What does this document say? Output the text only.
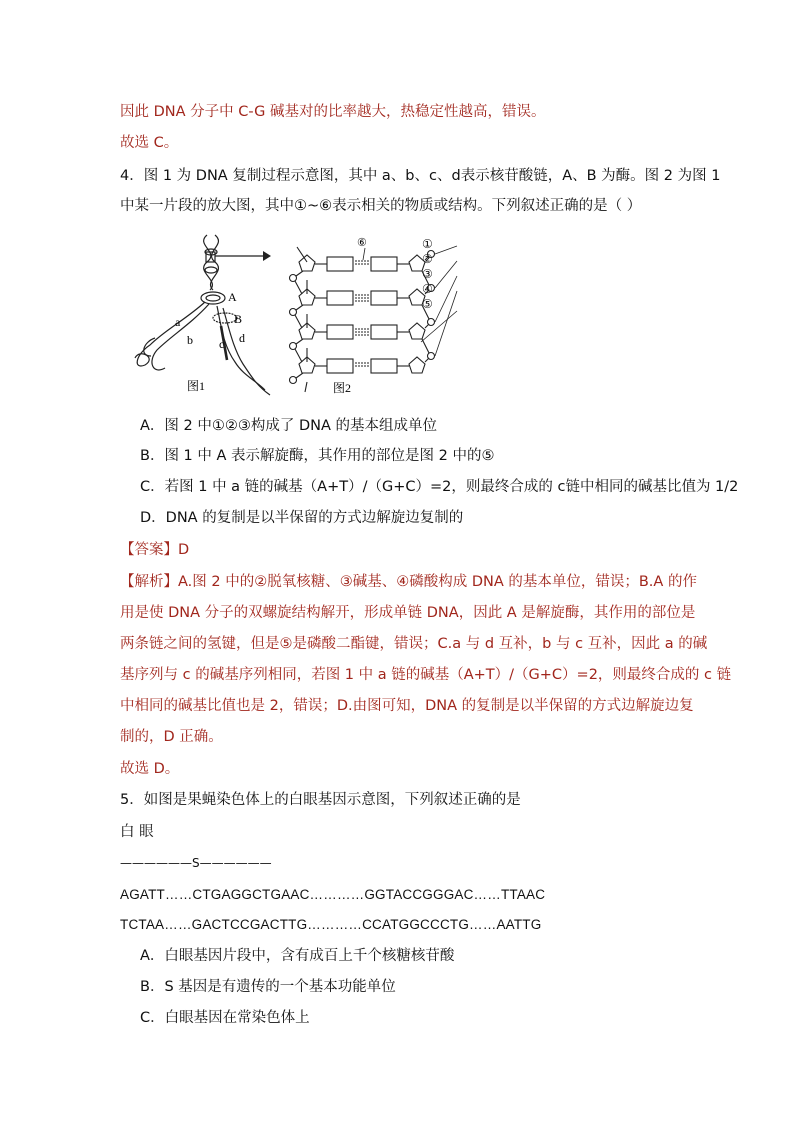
因此 DNA 分子中 C-G 碱基对的比率越大，热稳定性越高，错误。
故选 C。
4．图 1 为 DNA 复制过程示意图，其中 a、b、c、d表示核苷酸链，A、B 为酶。图 2 为图 1
中某一片段的放大图，其中①~⑥表示相关的物质或结构。下列叙述正确的是（ ）
A
B
a
b c d
图1	图2
⑥	①
②
③
④
⑤
A．图 2 中①②③构成了 DNA 的基本组成单位
B．图 1 中 A 表示解旋酶，其作用的部位是图 2 中的⑤
C．若图 1 中 a 链的碱基（A+T）/（G+C）=2，则最终合成的 c链中相同的碱基比值为 1/2
D．DNA 的复制是以半保留的方式边解旋边复制的
【答案】D
【解析】A.图 2 中的②脱氧核糖、③碱基、④磷酸构成 DNA 的基本单位，错误；B.A 的作
用是使 DNA 分子的双螺旋结构解开，形成单链 DNA，因此 A 是解旋酶，其作用的部位是
两条链之间的氢键，但是⑤是磷酸二酯键，错误；C.a 与 d 互补，b 与 c 互补，因此 a 的碱
基序列与 c 的碱基序列相同，若图 1 中 a 链的碱基（A+T）/（G+C）=2，则最终合成的 c 链
中相同的碱基比值也是 2，错误；D.由图可知，DNA 的复制是以半保留的方式边解旋边复
制的，D 正确。
故选 D。
5．如图是果蝇染色体上的白眼基因示意图，下列叙述正确的是
白 眼
——————S——————
AGATT……CTGAGGCTGAAC…………GGTACCGGGAC……TTAAC
TCTAA……GACTCCGACTTG…………CCATGGCCCTG……AATTG
A．白眼基因片段中，含有成百上千个核糖核苷酸
B．S 基因是有遗传的一个基本功能单位
C．白眼基因在常染色体上
